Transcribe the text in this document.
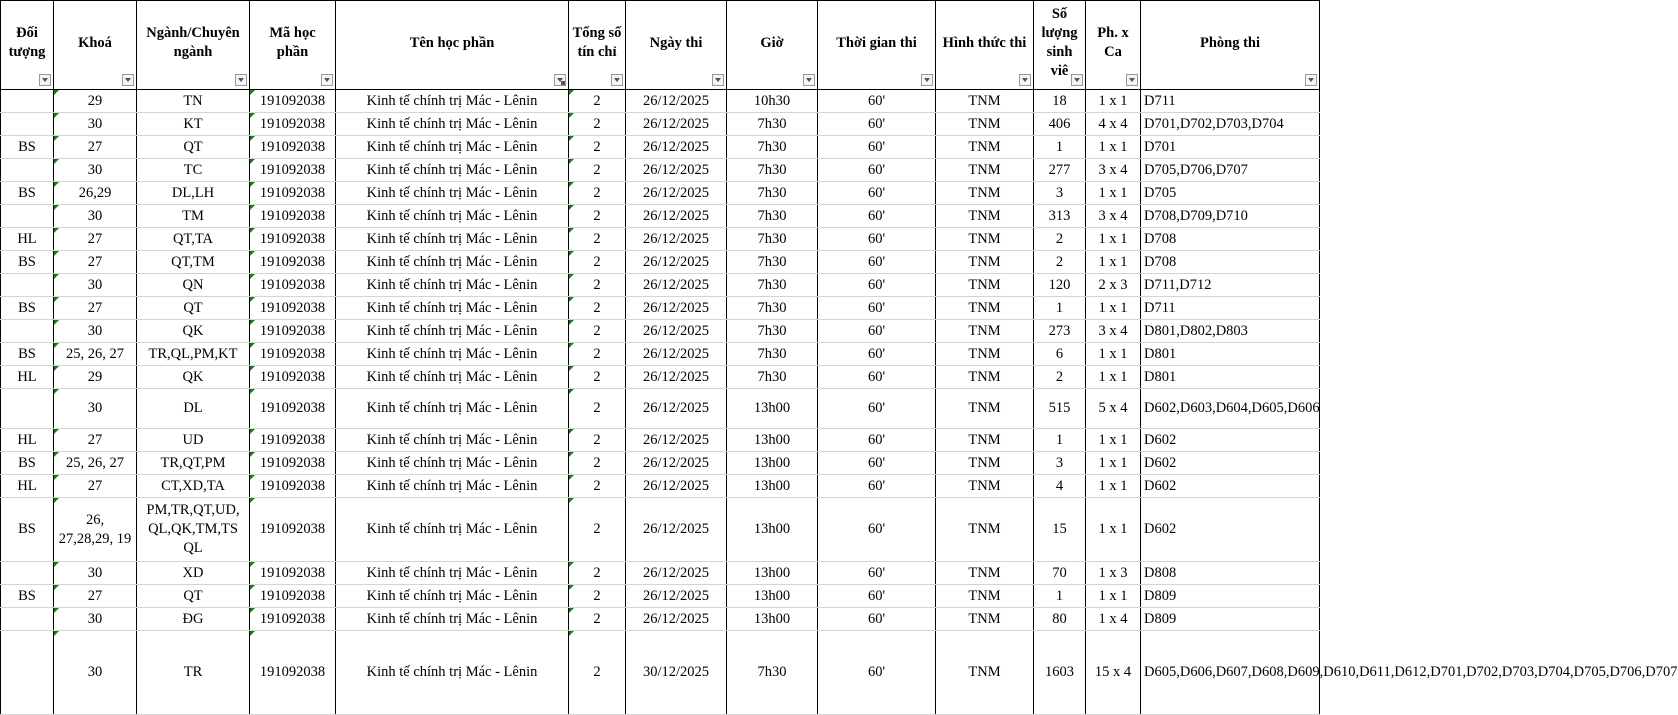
Đối tượng	Khoá	Ngành/Chuyên ngành	Mã học phần	Tên học phần	Tổng số tín chỉ	Ngày thi	Giờ	Thời gian thi	Hình thức thi	Số lượng sinh viê	Ph. x Ca	Phòng thi

	29	TN	191092038	Kinh tế chính trị Mác - Lênin	2	26/12/2025	10h30	60'	TNM	18	1 x 1	D711
	30	KT	191092038	Kinh tế chính trị Mác - Lênin	2	26/12/2025	7h30	60'	TNM	406	4 x 4	D701,D702,D703,D704
BS	27	QT	191092038	Kinh tế chính trị Mác - Lênin	2	26/12/2025	7h30	60'	TNM	1	1 x 1	D701
	30	TC	191092038	Kinh tế chính trị Mác - Lênin	2	26/12/2025	7h30	60'	TNM	277	3 x 4	D705,D706,D707
BS	26,29	DL,LH	191092038	Kinh tế chính trị Mác - Lênin	2	26/12/2025	7h30	60'	TNM	3	1 x 1	D705
	30	TM	191092038	Kinh tế chính trị Mác - Lênin	2	26/12/2025	7h30	60'	TNM	313	3 x 4	D708,D709,D710
HL	27	QT,TA	191092038	Kinh tế chính trị Mác - Lênin	2	26/12/2025	7h30	60'	TNM	2	1 x 1	D708
BS	27	QT,TM	191092038	Kinh tế chính trị Mác - Lênin	2	26/12/2025	7h30	60'	TNM	2	1 x 1	D708
	30	QN	191092038	Kinh tế chính trị Mác - Lênin	2	26/12/2025	7h30	60'	TNM	120	2 x 3	D711,D712
BS	27	QT	191092038	Kinh tế chính trị Mác - Lênin	2	26/12/2025	7h30	60'	TNM	1	1 x 1	D711
	30	QK	191092038	Kinh tế chính trị Mác - Lênin	2	26/12/2025	7h30	60'	TNM	273	3 x 4	D801,D802,D803
BS	25, 26, 27	TR,QL,PM,KT	191092038	Kinh tế chính trị Mác - Lênin	2	26/12/2025	7h30	60'	TNM	6	1 x 1	D801
HL	29	QK	191092038	Kinh tế chính trị Mác - Lênin	2	26/12/2025	7h30	60'	TNM	2	1 x 1	D801
	30	DL	191092038	Kinh tế chính trị Mác - Lênin	2	26/12/2025	13h00	60'	TNM	515	5 x 4	D602,D603,D604,D605,D606
HL	27	UD	191092038	Kinh tế chính trị Mác - Lênin	2	26/12/2025	13h00	60'	TNM	1	1 x 1	D602
BS	25, 26, 27	TR,QT,PM	191092038	Kinh tế chính trị Mác - Lênin	2	26/12/2025	13h00	60'	TNM	3	1 x 1	D602
HL	27	CT,XD,TA	191092038	Kinh tế chính trị Mác - Lênin	2	26/12/2025	13h00	60'	TNM	4	1 x 1	D602
BS	26, 27,28,29, 19	PM,TR,QT,UD, QL,QK,TM,TS QL	191092038	Kinh tế chính trị Mác - Lênin	2	26/12/2025	13h00	60'	TNM	15	1 x 1	D602
	30	XD	191092038	Kinh tế chính trị Mác - Lênin	2	26/12/2025	13h00	60'	TNM	70	1 x 3	D808
BS	27	QT	191092038	Kinh tế chính trị Mác - Lênin	2	26/12/2025	13h00	60'	TNM	1	1 x 1	D809
	30	ĐG	191092038	Kinh tế chính trị Mác - Lênin	2	26/12/2025	13h00	60'	TNM	80	1 x 4	D809
	30	TR	191092038	Kinh tế chính trị Mác - Lênin	2	30/12/2025	7h30	60'	TNM	1603	15 x 4	D605,D606,D607,D608,D609,D610,D611,D612,D701,D702,D703,D704,D705,D706,D707
